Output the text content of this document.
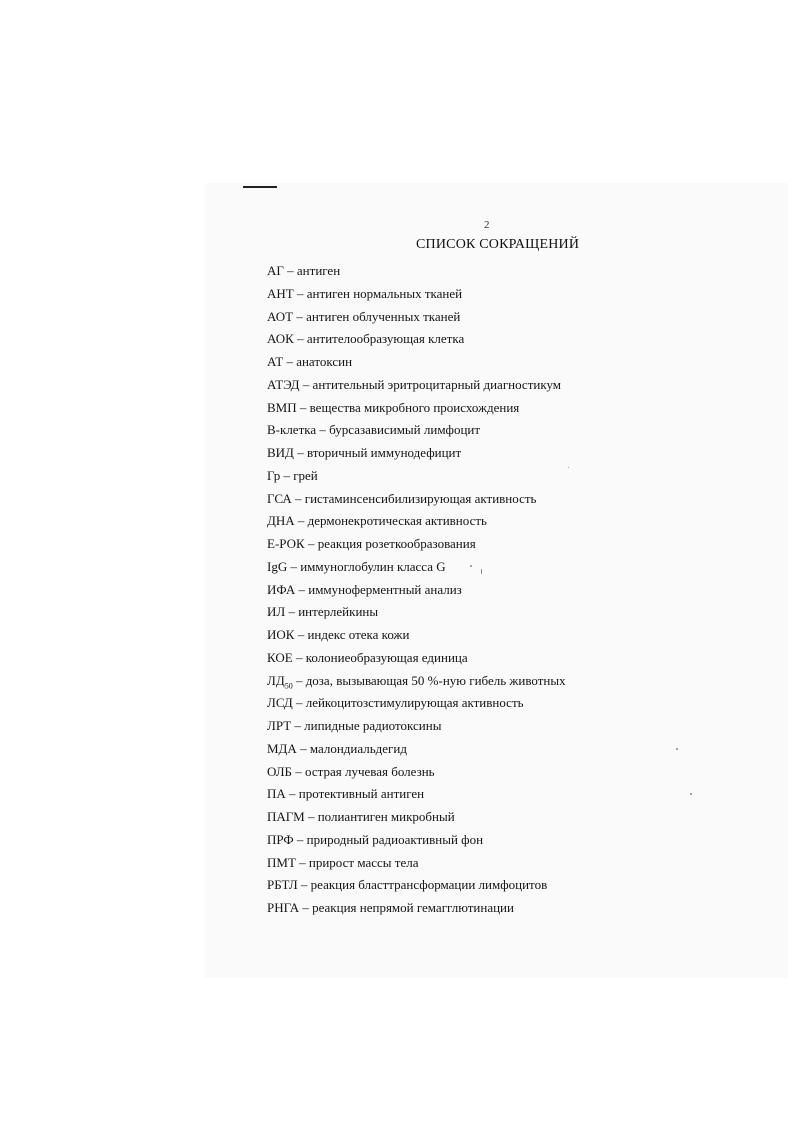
2
СПИСОК СОКРАЩЕНИЙ
АГ – антиген
АНТ – антиген нормальных тканей
АОТ – антиген облученных тканей
АОК – антителообразующая клетка
АТ – анатоксин
АТЭД – антительный эритроцитарный диагностикум
ВМП – вещества микробного происхождения
В-клетка – бурсазависимый лимфоцит
ВИД – вторичный иммунодефицит
Гр – грей
ГСА – гистаминсенсибилизирующая активность
ДНА – дермонекротическая активность
Е-РОК – реакция розеткообразования
IgG – иммуноглобулин класса G
ИФА – иммуноферментный анализ
ИЛ – интерлейкины
ИОК – индекс отека кожи
КОЕ – колониеобразующая единица
$ЛД_{50}$ – доза, вызывающая 50 %-ную гибель животных
ЛСД – лейкоцитозстимулирующая активность
ЛРТ – липидные радиотоксины
МДА – малондиальдегид
ОЛБ – острая лучевая болезнь
ПА – протективный антиген
ПАГМ – полиантиген микробный
ПРФ – природный радиоактивный фон
ПМТ – прирост массы тела
РБТЛ – реакция бласттрансформации лимфоцитов
РНГА – реакция непрямой гемагглютинации
